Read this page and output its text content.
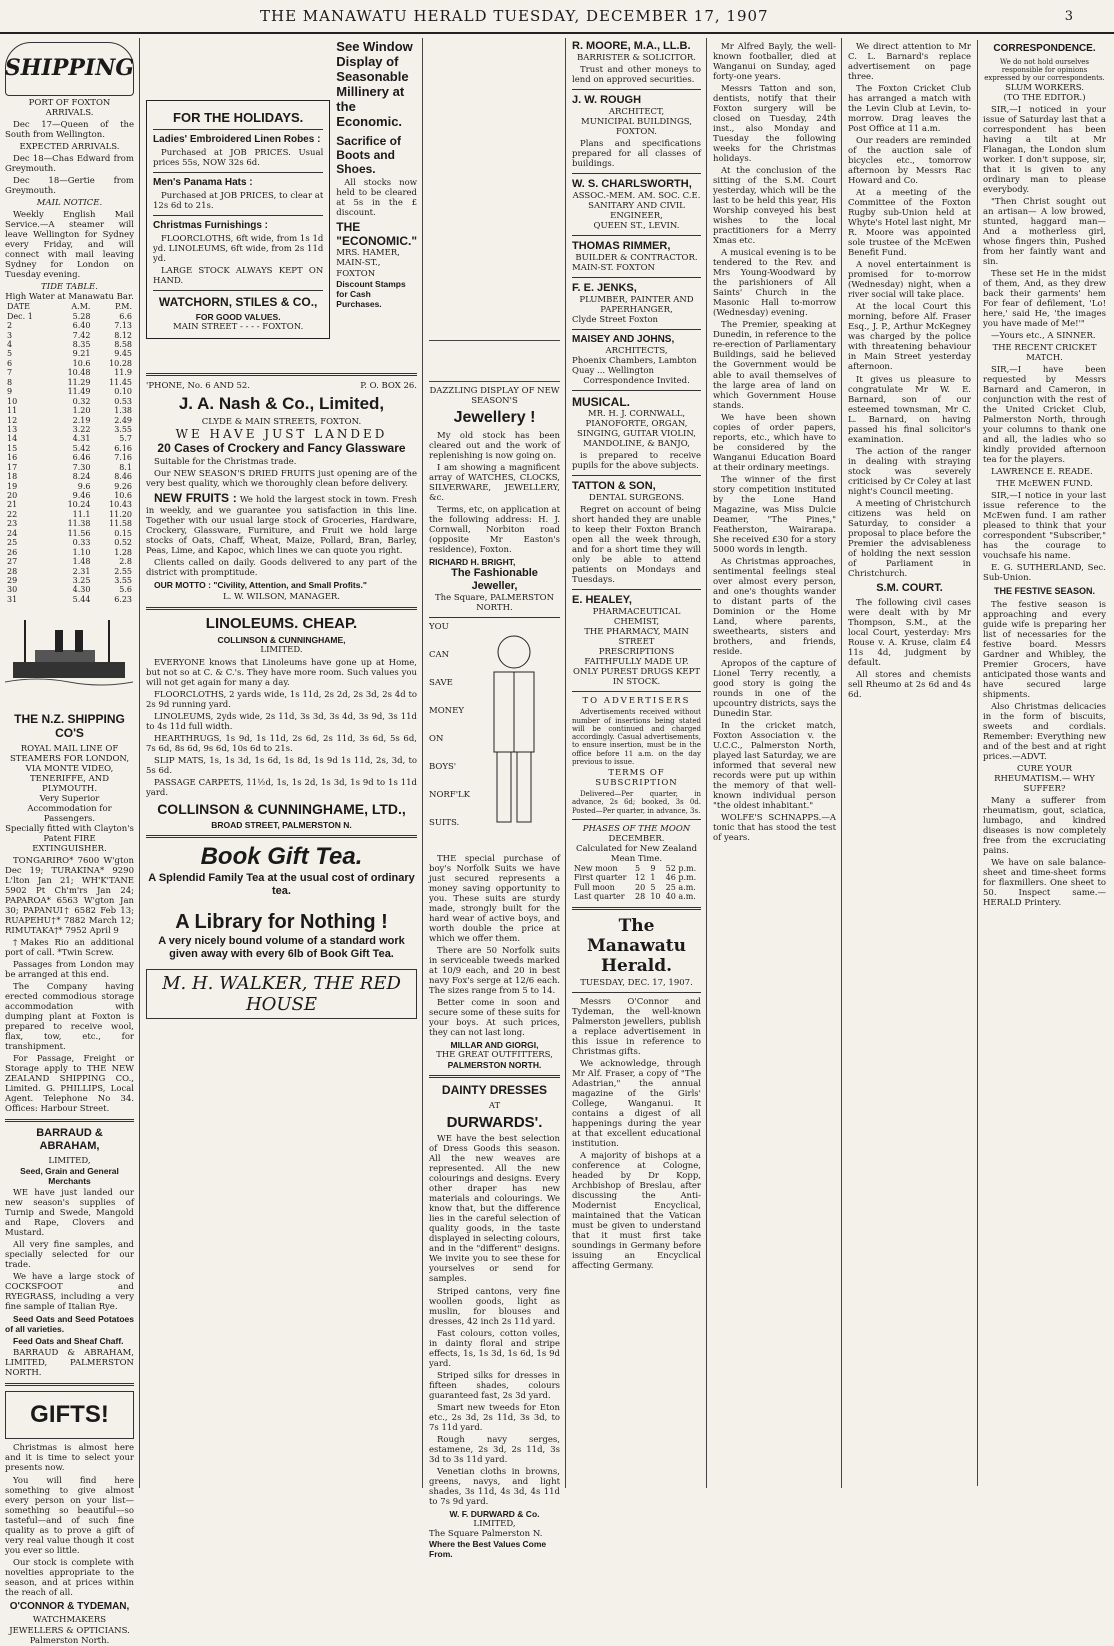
THE MANAWATU HERALD TUESDAY, DECEMBER 17, 1907	3
SHIPPING
PORT OF FOXTON
ARRIVALS.

Dec 17—Queen of the South from Wellington.

EXPECTED ARRIVALS.

Dec 18—Chas Edward from Greymouth.

Dec 18—Gertie from Greymouth.

MAIL NOTICE.

Weekly English Mail Service.—A steamer will leave Wellington for Sydney every Friday, and will connect with mail leaving Sydney for London on Tuesday evening.

TIDE TABLE.
High Water at Manawatu Bar.
DATE	A.M.	P.M.
Dec. 1	5.28	6.6
2	6.40	7.13
3	7.42	8.12
4	8.35	8.58
5	9.21	9.45
6	10.6	10.28
7	10.48	11.9
8	11.29	11.45
9	11.49	0.10
10	0.32	0.53
11	1.20	1.38
12	2.19	2.49
13	3.22	3.55
14	4.31	5.7
15	5.42	6.16
16	6.46	7.16
17	7.30	8.1
18	8.24	8.46
19	9.6	9.26
20	9.46	10.6
21	10.24	10.43
22	11.1	11.20
23	11.38	11.58
24	11.56	0.15
25	0.33	0.52
26	1.10	1.28
27	1.48	2.8
28	2.31	2.55
29	3.25	3.55
30	4.30	5.6
31	5.44	6.23
THE N.Z. SHIPPING CO'S
ROYAL MAIL LINE OF STEAMERS FOR LONDON, VIA MONTE VIDEO, TENERIFFE, AND PLYMOUTH.
Very Superior Accommodation for Passengers.
Specially fitted with Clayton's Patent FIRE EXTINGUISHER.

TONGARIRO* 7600 W'gton Dec 19; TURAKINA* 9290 L'lton Jan 21; WH'K'TANE 5902 Pt Ch'm'rs Jan 24; PAPAROA* 6563 W'gton Jan 30; PAPANUI† 6582 Feb 13; RUAPEHU†* 7882 March 12; RIMUTAKA†* 7952 April 9

†Makes Rio an additional port of call. *Twin Screw.

Passages from London may be arranged at this end.

The Company having erected commodious storage accommodation with dumping plant at Foxton is prepared to receive wool, flax, tow, etc., for transhipment.

For Passage, Freight or Storage apply to THE NEW ZEALAND SHIPPING CO., Limited. G. PHILLIPS, Local Agent. Telephone No 34. Offices: Harbour Street.

BARRAUD & ABRAHAM,
LIMITED,
Seed, Grain and General Merchants

WE have just landed our new season's supplies of Turnip and Swede, Mangold and Rape, Clovers and Mustard.

All very fine samples, and specially selected for our trade.

We have a large stock of COCKSFOOT and RYEGRASS, including a very fine sample of Italian Rye.

Seed Oats and Seed Potatoes of all varieties.

Feed Oats and Sheaf Chaff.

BARRAUD & ABRAHAM, LIMITED, PALMERSTON NORTH.

GIFTS!

Christmas is almost here and it is time to select your presents now.

You will find here something to give almost every person on your list—something so beautiful—so tasteful—and of such fine quality as to prove a gift of very real value though it cost you ever so little.

Our stock is complete with novelties appropriate to the season, and at prices within the reach of all.

O'CONNOR & TYDEMAN,
WATCHMAKERS JEWELLERS & OPTICIANS.
Palmerston North.
FOR THE HOLIDAYS.
Ladies' Embroidered Linen Robes :

Purchased at JOB PRICES. Usual prices 55s, NOW 32s 6d.

Men's Panama Hats :

Purchased at JOB PRICES, to clear at 12s 6d to 21s.

Christmas Furnishings :

FLOORCLOTHS, 6ft wide, from 1s 1d yd. LINOLEUMS, 6ft wide, from 2s 11d yd.

LARGE STOCK ALWAYS KEPT ON HAND.

WATCHORN, STILES & CO.,
FOR GOOD VALUES.
MAIN STREET - - - - FOXTON.
See Window Display of Seasonable Millinery at the Economic.
Sacrifice of Boots and Shoes.

All stocks now held to be cleared at 5s in the £ discount.

THE "ECONOMIC."
MRS. HAMER, MAIN-ST., FOXTON
Discount Stamps for Cash Purchases.
'PHONE, No. 6 AND 52.	P. O. BOX 26.
J. A. Nash & Co., Limited,
CLYDE & MAIN STREETS, FOXTON.
WE HAVE JUST LANDED
20 Cases of Crockery and Fancy Glassware

Suitable for the Christmas trade.

Our NEW SEASON'S DRIED FRUITS just opening are of the very best quality, which we thoroughly clean before delivery.

NEW FRUITS : We hold the largest stock in town. Fresh in weekly, and we guarantee you satisfaction in this line. Together with our usual large stock of Groceries, Hardware, Crockery, Glassware, Furniture, and Fruit we hold large stocks of Oats, Chaff, Wheat, Maize, Pollard, Bran, Barley, Peas, Lime, and Kapoc, which lines we can quote you right.

Clients called on daily. Goods delivered to any part of the district with promptitude.

OUR MOTTO : "Civility, Attention, and Small Profits."

L. W. WILSON, MANAGER.
LINOLEUMS. CHEAP.
COLLINSON & CUNNINGHAME,
LIMITED.

EVERYONE knows that Linoleums have gone up at Home, but not so at C. & C.'s. They have more room. Such values you will not get again for many a day.

FLOORCLOTHS, 2 yards wide, 1s 11d, 2s 2d, 2s 3d, 2s 4d to 2s 9d running yard.

LINOLEUMS, 2yds wide, 2s 11d, 3s 3d, 3s 4d, 3s 9d, 3s 11d to 4s 11d full width.

HEARTHRUGS, 1s 9d, 1s 11d, 2s 6d, 2s 11d, 3s 6d, 5s 6d, 7s 6d, 8s 6d, 9s 6d, 10s 6d to 21s.

SLIP MATS, 1s, 1s 3d, 1s 6d, 1s 8d, 1s 9d 1s 11d, 2s, 3d, to 5s 6d.

PASSAGE CARPETS, 11½d, 1s, 1s 2d, 1s 3d, 1s 9d to 1s 11d yard.

COLLINSON & CUNNINGHAME, LTD.,
BROAD STREET, PALMERSTON N.
Book Gift Tea.
A Splendid Family Tea at the usual cost of ordinary tea.
A Library for Nothing !
A very nicely bound volume of a standard work given away with every 6lb of Book Gift Tea.
M. H. WALKER, THE RED HOUSE
DAZZLING DISPLAY OF NEW SEASON'S
Jewellery !

My old stock has been cleared out and the work of replenishing is now going on.

I am showing a magnificent array of WATCHES, CLOCKS, SILVERWARE, JEWELLERY, &c.

Terms, etc, on application at the following address: H. J. Cornwall, Norbiton road (opposite Mr Easton's residence), Foxton.

RICHARD H. BRIGHT,
The Fashionable Jeweller,
The Square, PALMERSTON NORTH.
YOU
CAN
SAVE
MONEY
ON
BOYS'
NORF'LK
SUITS.

THE special purchase of boy's Norfolk Suits we have just secured represents a money saving opportunity to you. These suits are sturdy made, strongly built for the hard wear of active boys, and worth double the price at which we offer them.

There are 50 Norfolk suits in serviceable tweeds marked at 10/9 each, and 20 in best navy Fox's serge at 12/6 each. The sizes range from 5 to 14.

Better come in soon and secure some of these suits for your boys. At such prices, they can not last long.

MILLAR AND GIORGI,
THE GREAT OUTFITTERS,
PALMERSTON NORTH.
DAINTY DRESSES
AT
DURWARDS'.

WE have the best selection of Dress Goods this season. All the new weaves are represented. All the new colourings and designs. Every other draper has new materials and colourings. We know that, but the difference lies in the careful selection of quality goods, in the taste displayed in selecting colours, and in the "different" designs. We invite you to see these for yourselves or send for samples.

Striped cantons, very fine woollen goods, light as muslin, for blouses and dresses, 42 inch 2s 11d yard.

Fast colours, cotton voiles, in dainty floral and stripe effects, 1s, 1s 3d, 1s 6d, 1s 9d yard.

Striped silks for dresses in fifteen shades, colours guaranteed fast, 2s 3d yard.

Smart new tweeds for Eton etc., 2s 3d, 2s 11d, 3s 3d, to 7s 11d yard.

Rough navy serges, estamene, 2s 3d, 2s 11d, 3s 3d to 3s 11d yard.

Venetian cloths in browns, greens, navys, and light shades, 3s 11d, 4s 3d, 4s 11d to 7s 9d yard.

W. F. DURWARD & Co.
LIMITED,
The Square Palmerston N.
Where the Best Values Come From.
R. MOORE, M.A., LL.B.
BARRISTER & SOLICITOR.

Trust and other moneys to lend on approved securities.

J. W. ROUGH
ARCHITECT,
MUNICIPAL BUILDINGS, FOXTON.

Plans and specifications prepared for all classes of buildings.

W. S. CHARLSWORTH,
ASSOC.-MEM. AM. SOC. C.E.
SANITARY AND CIVIL ENGINEER,
QUEEN ST., LEVIN.
THOMAS RIMMER,
BUILDER & CONTRACTOR.
MAIN-ST. FOXTON
F. E. JENKS,
PLUMBER, PAINTER AND PAPERHANGER,
Clyde Street Foxton
MAISEY AND JOHNS,
ARCHITECTS,
Phoenix Chambers, Lambton Quay ... Wellington
Correspondence Invited.
MUSICAL.
MR. H. J. CORNWALL,
PIANOFORTE, ORGAN, SINGING, GUITAR VIOLIN, MANDOLINE, & BANJO,

is prepared to receive pupils for the above subjects.

TATTON & SON,
DENTAL SURGEONS.

Regret on account of being short handed they are unable to keep their Foxton Branch open all the week through, and for a short time they will only be able to attend patients on Mondays and Tuesdays.

E. HEALEY,
PHARMACEUTICAL CHEMIST,
THE PHARMACY, MAIN STREET
PRESCRIPTIONS FAITHFULLY MADE UP.
ONLY PUREST DRUGS KEPT IN STOCK.
TO ADVERTISERS

Advertisements received without number of insertions being stated will be continued and charged accordingly. Casual advertisements, to ensure insertion, must be in the office before 11 a.m. on the day previous to issue.

TERMS OF SUBSCRIPTION

Delivered—Per quarter, in advance, 2s 6d; booked, 3s 0d. Posted—Per quarter, in advance, 3s.

PHASES OF THE MOON
DECEMBER.
Calculated for New Zealand Mean Time.
New moon	5	9	52 p.m.
First quarter	12	1	46 p.m.
Full moon	20	5	25 a.m.
Last quarter	28	10	40 a.m.
The Manawatu Herald.
TUESDAY, DEC. 17, 1907.

Messrs O'Connor and Tydeman, the well-known Palmerston jewellers, publish a replace advertisement in this issue in reference to Christmas gifts.

We acknowledge, through Mr Alf. Fraser, a copy of "The Adastrian," the annual magazine of the Girls' College, Wanganui. It contains a digest of all happenings during the year at that excellent educational institution.

A majority of bishops at a conference at Cologne, headed by Dr Kopp, Archbishop of Breslau, after discussing the Anti-Modernist Encyclical, maintained that the Vatican must be given to understand that it must first take soundings in Germany before issuing an Encyclical affecting Germany.

Mr Alfred Bayly, the well-known footballer, died at Wanganui on Sunday, aged forty-one years.

Messrs Tatton and son, dentists, notify that their Foxton surgery will be closed on Tuesday, 24th inst., also Monday and Tuesday the following weeks for the Christmas holidays.

At the conclusion of the sitting of the S.M. Court yesterday, which will be the last to be held this year, His Worship conveyed his best wishes to the local practitioners for a Merry Xmas etc.

A musical evening is to be tendered to the Rev. and Mrs Young-Woodward by the parishioners of All Saints' Church in the Masonic Hall to-morrow (Wednesday) evening.

The Premier, speaking at Dunedin, in reference to the re-erection of Parliamentary Buildings, said he believed the Government would be able to avail themselves of the large area of land on which Government House stands.

We have been shown copies of order papers, reports, etc., which have to be considered by the Wanganui Education Board at their ordinary meetings.

The winner of the first story competition instituted by the Lone Hand Magazine, was Miss Dulcie Deamer, "The Pines," Featherston, Wairarapa. She received £30 for a story 5000 words in length.

As Christmas approaches, sentimental feelings steal over almost every person, and one's thoughts wander to distant parts of the Dominion or the Home Land, where parents, sweethearts, sisters and brothers, and friends, reside.

Apropos of the capture of Lionel Terry recently, a good story is going the rounds in one of the upcountry districts, says the Dunedin Star.

In the cricket match, Foxton Association v. the U.C.C., Palmerston North, played last Saturday, we are informed that several new records were put up within the memory of that well-known individual person "the oldest inhabitant."

WOLFE'S SCHNAPPS.—A tonic that has stood the test of years.

We direct attention to Mr C. L. Barnard's replace advertisement on page three.

The Foxton Cricket Club has arranged a match with the Levin Club at Levin, to-morrow. Drag leaves the Post Office at 11 a.m.

Our readers are reminded of the auction sale of bicycles etc., tomorrow afternoon by Messrs Rac Howard and Co.

At a meeting of the Committee of the Foxton Rugby sub-Union held at Whyte's Hotel last night, Mr R. Moore was appointed sole trustee of the McEwen Benefit Fund.

A novel entertainment is promised for to-morrow (Wednesday) night, when a river social will take place.

At the local Court this morning, before Alf. Fraser Esq., J. P., Arthur McKegney was charged by the police with threatening behaviour in Main Street yesterday afternoon.

It gives us pleasure to congratulate Mr W. E. Barnard, son of our esteemed townsman, Mr C. L. Barnard, on having passed his final solicitor's examination.

The action of the ranger in dealing with straying stock was severely criticised by Cr Coley at last night's Council meeting.

A meeting of Christchurch citizens was held on Saturday, to consider a proposal to place before the Premier the advisableness of holding the next session of Parliament in Christchurch.

S.M. COURT.

The following civil cases were dealt with by Mr Thompson, S.M., at the local Court, yesterday: Mrs Rouse v. A. Kruse, claim £4 11s 4d, judgment by default.

All stores and chemists sell Rheumo at 2s 6d and 4s 6d.

CORRESPONDENCE.
We do not hold ourselves responsible for opinions expressed by our correspondents.
SLUM WORKERS.
(TO THE EDITOR.)

SIR,—I noticed in your issue of Saturday last that a correspondent has been having a tilt at Mr Flanagan, the London slum worker. I don't suppose, sir, that it is given to any ordinary man to please everybody.

"Then Christ sought out an artisan— A low browed, stunted, haggard man— And a motherless girl, whose fingers thin, Pushed from her faintly want and sin.

These set He in the midst of them, And, as they drew back their garments' hem For fear of defilement, 'Lo! here,' said He, 'the images you have made of Me!'"

—Yours etc., A SINNER.

THE RECENT CRICKET MATCH.

SIR,—I have been requested by Messrs Barnard and Cameron, in conjunction with the rest of the United Cricket Club, Palmerston North, through your columns to thank one and all, the ladies who so kindly provided afternoon tea for the players.

LAWRENCE E. READE.

THE McEWEN FUND.

SIR,—I notice in your last issue reference to the McEwen fund. I am rather pleased to think that your correspondent "Subscriber," has the courage to vouchsafe his name.

E. G. SUTHERLAND, Sec. Sub-Union.

THE FESTIVE SEASON.

The festive season is approaching and every guide wife is preparing her list of necessaries for the festive board. Messrs Gardner and Whibley, the Premier Grocers, have anticipated those wants and have secured large shipments.

Also Christmas delicacies in the form of biscuits, sweets and cordials. Remember: Everything new and of the best and at right prices.—ADVT.

CURE YOUR RHEUMATISM.— WHY SUFFER?

Many a sufferer from rheumatism, gout, sciatica, lumbago, and kindred diseases is now completely free from the excruciating pains.

We have on sale balance-sheet and time-sheet forms for flaxmillers. One sheet to 50. Inspect same.—HERALD Printery.
